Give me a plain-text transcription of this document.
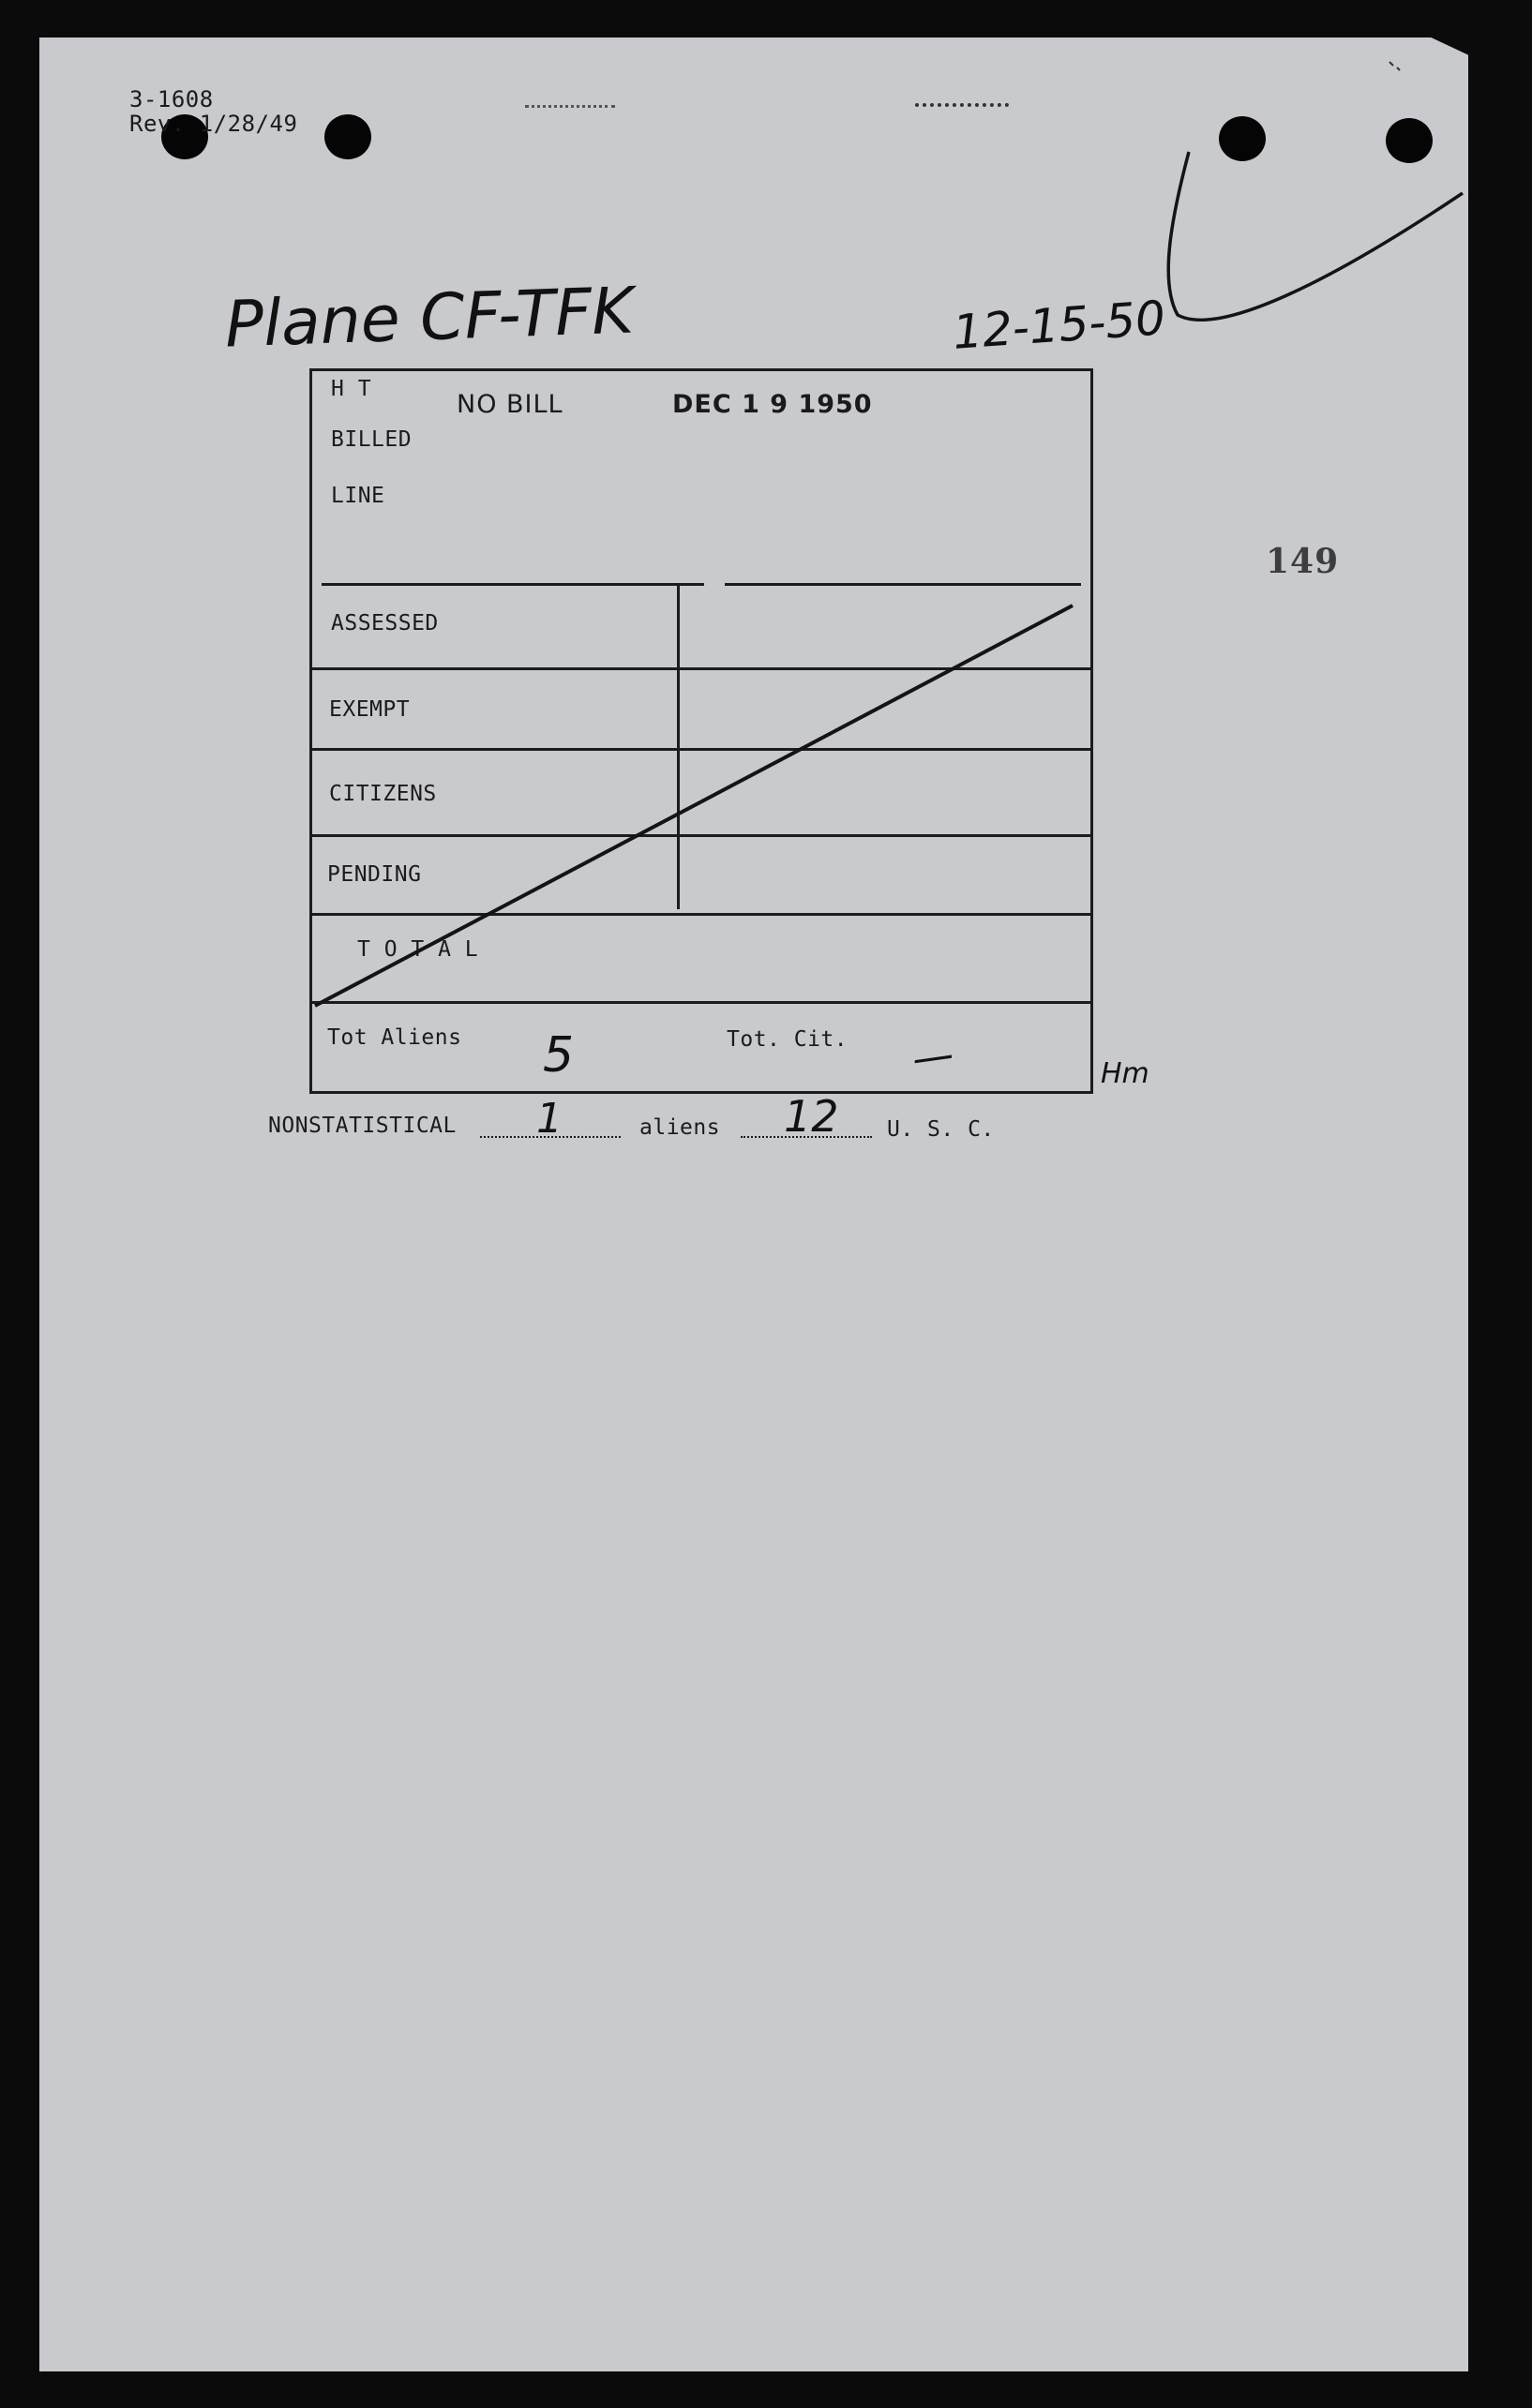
3-1608
Rev. 1/28/49
Plane CF-TFK	12-15-50
149
H T
NO BILL	DEC 1 9 1950
BILLED
LINE
ASSESSED
EXEMPT
CITIZENS
PENDING
T O T A L
Tot Aliens	Tot. Cit.
5	—	Hm
NONSTATISTICAL 1	aliens 12 U. S. C.
